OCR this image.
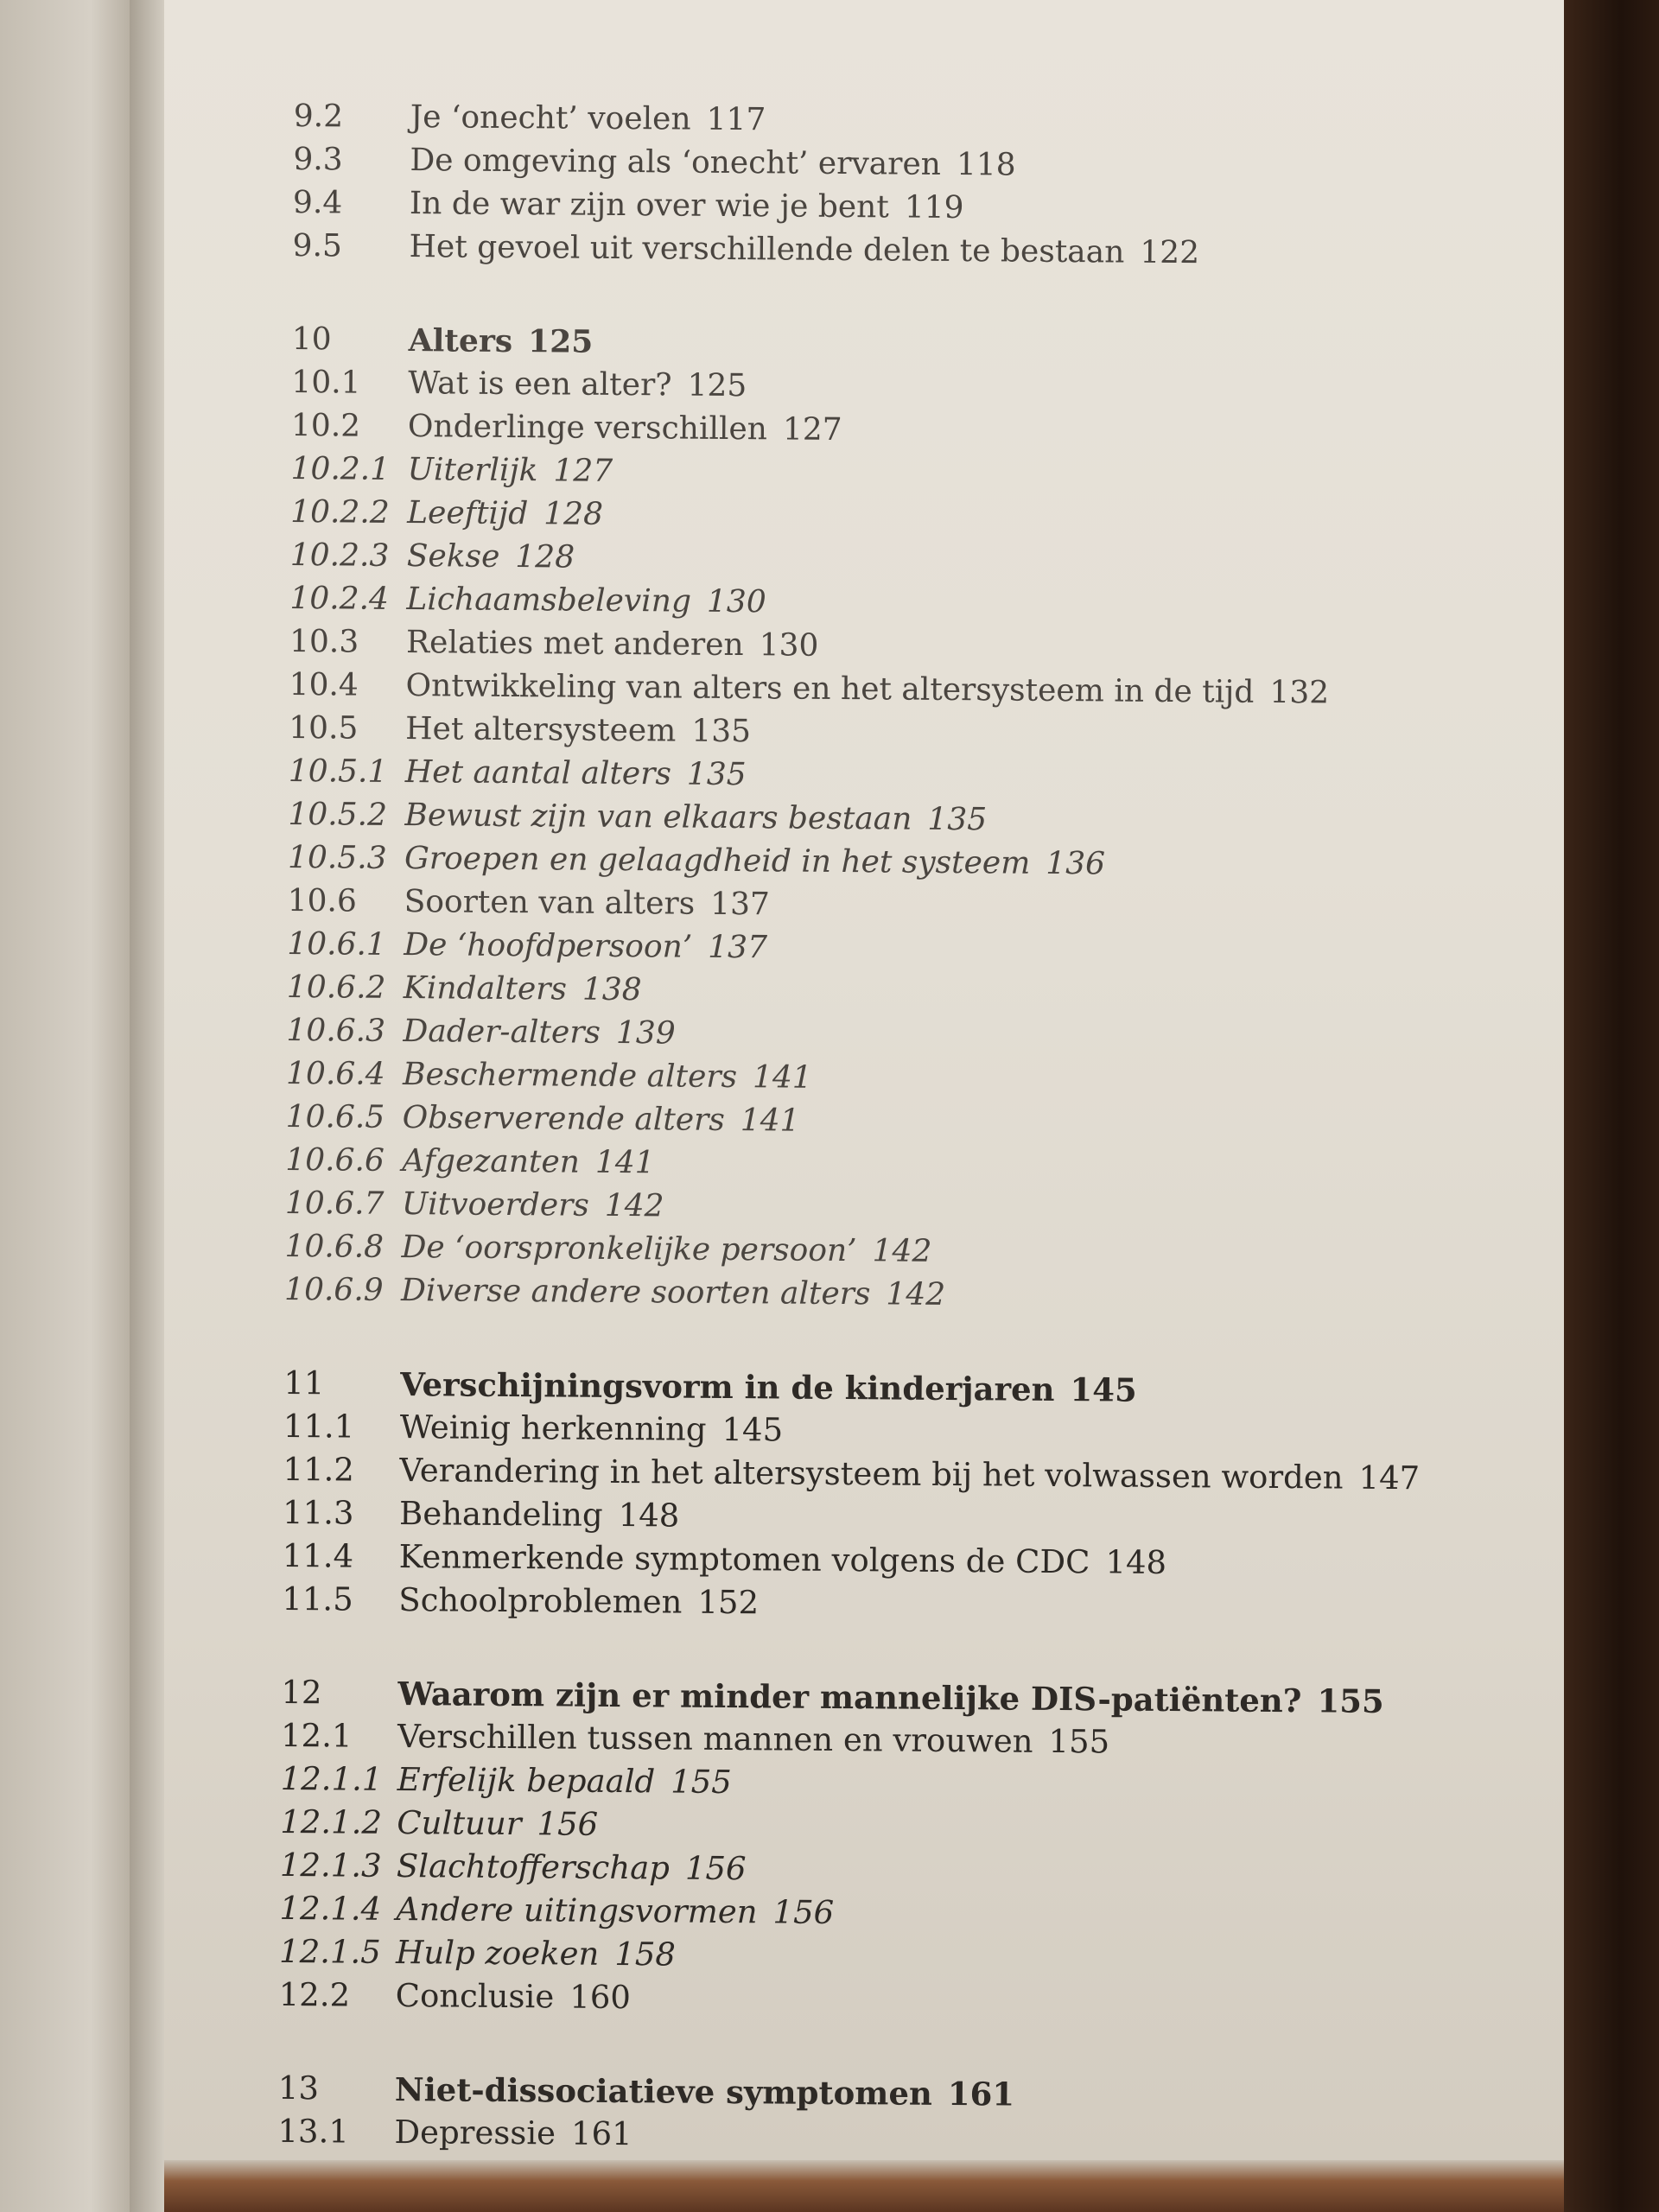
9.2	Je ‘onecht’ voelen 117
9.3	De omgeving als ‘onecht’ ervaren 118
9.4	In de war zijn over wie je bent 119
9.5	Het gevoel uit verschillende delen te bestaan 122
10	Alters 125
10.1	Wat is een alter? 125
10.2	Onderlinge verschillen 127
10.2.1 Uiterlijk 127
10.2.2 Leeftijd 128
10.2.3 Sekse 128
10.2.4 Lichaamsbeleving 130
10.3	Relaties met anderen 130
10.4	Ontwikkeling van alters en het altersysteem in de tijd 132
10.5	Het altersysteem 135
10.5.1 Het aantal alters 135
10.5.2 Bewust zijn van elkaars bestaan 135
10.5.3 Groepen en gelaagdheid in het systeem 136
10.6	Soorten van alters 137
10.6.1 De ‘hoofdpersoon’ 137
10.6.2 Kindalters 138
10.6.3 Dader-alters 139
10.6.4 Beschermende alters 141
10.6.5 Observerende alters 141
10.6.6 Afgezanten 141
10.6.7 Uitvoerders 142
10.6.8 De ‘oorspronkelijke persoon’ 142
10.6.9 Diverse andere soorten alters 142
11	Verschijningsvorm in de kinderjaren 145
11.1	Weinig herkenning 145
11.2	Verandering in het altersysteem bij het volwassen worden 147
11.3	Behandeling 148
11.4	Kenmerkende symptomen volgens de CDC 148
11.5	Schoolproblemen 152
12	Waarom zijn er minder mannelijke DIS-patiënten? 155
12.1	Verschillen tussen mannen en vrouwen 155
12.1.1 Erfelijk bepaald 155
12.1.2 Cultuur 156
12.1.3 Slachtofferschap 156
12.1.4 Andere uitingsvormen 156
12.1.5 Hulp zoeken 158
12.2	Conclusie 160
13	Niet-dissociatieve symptomen 161
13.1	Depressie 161
